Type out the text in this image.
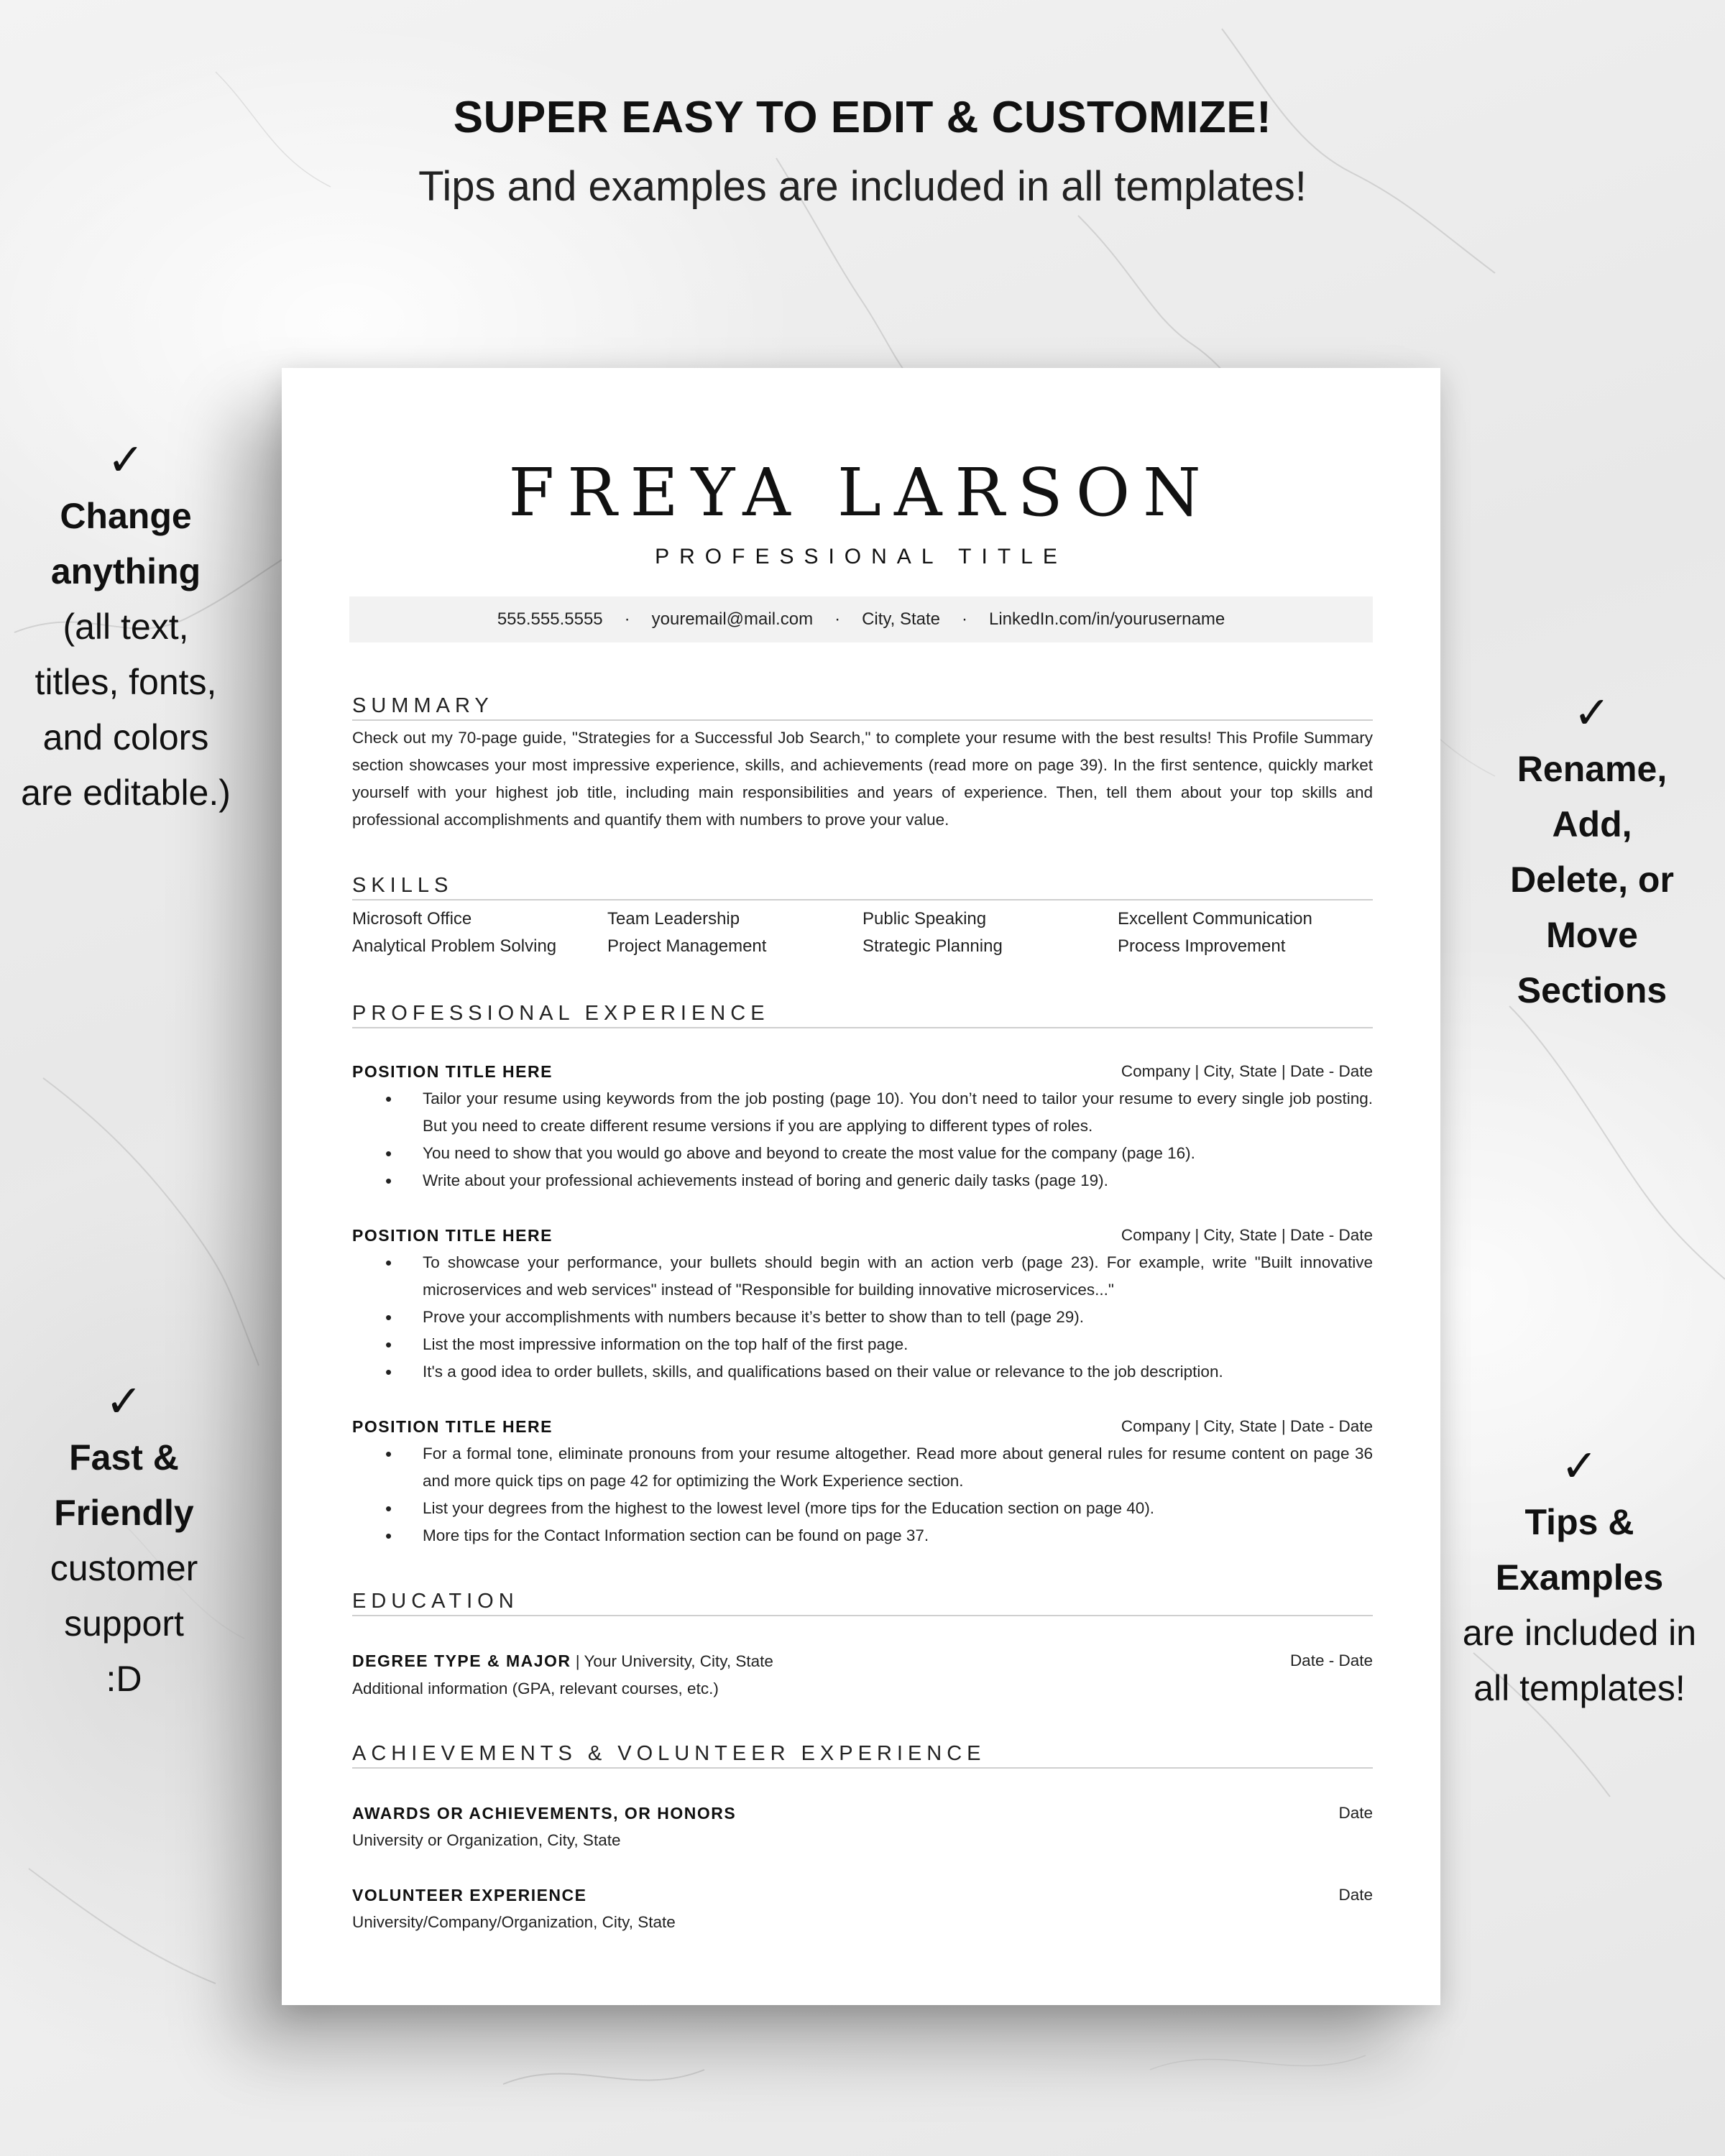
SUPER EASY TO EDIT & CUSTOMIZE!
Tips and examples are included in all templates!
✓
Change
anything
(all text,
titles, fonts,
and colors
are editable.)
✓
Rename,
Add,
Delete, or
Move
Sections
✓
Fast &
Friendly
customer
support
:D
✓
Tips &
Examples
are included in
all templates!
FREYA LARSON
PROFESSIONAL TITLE
555.555.5555 · youremail@mail.com · City, State · LinkedIn.com/in/yourusername
SUMMARY
Check out my 70-page guide, "Strategies for a Successful Job Search," to complete your resume with the best results! This Profile Summary section showcases your most impressive experience, skills, and achievements (read more on page 39). In the first sentence, quickly market yourself with your highest job title, including main responsibilities and years of experience. Then, tell them about your top skills and professional accomplishments and quantify them with numbers to prove your value.
SKILLS
Microsoft Office	Team Leadership	Public Speaking	Excellent Communication
Analytical Problem Solving	Project Management	Strategic Planning	Process Improvement
PROFESSIONAL EXPERIENCE
POSITION TITLE HERE	Company | City, State | Date - Date
• Tailor your resume using keywords from the job posting (page 10). You don’t need to tailor your resume to every single job posting. But you need to create different resume versions if you are applying to different types of roles.
• You need to show that you would go above and beyond to create the most value for the company (page 16).
• Write about your professional achievements instead of boring and generic daily tasks (page 19).
POSITION TITLE HERE	Company | City, State | Date - Date
• To showcase your performance, your bullets should begin with an action verb (page 23). For example, write "Built innovative microservices and web services" instead of "Responsible for building innovative microservices..."
• Prove your accomplishments with numbers because it’s better to show than to tell (page 29).
• List the most impressive information on the top half of the first page.
• It's a good idea to order bullets, skills, and qualifications based on their value or relevance to the job description.
POSITION TITLE HERE	Company | City, State | Date - Date
• For a formal tone, eliminate pronouns from your resume altogether. Read more about general rules for resume content on page 36 and more quick tips on page 42 for optimizing the Work Experience section.
• List your degrees from the highest to the lowest level (more tips for the Education section on page 40).
• More tips for the Contact Information section can be found on page 37.
EDUCATION
DEGREE TYPE & MAJOR | Your University, City, State	Date - Date
Additional information (GPA, relevant courses, etc.)
ACHIEVEMENTS & VOLUNTEER EXPERIENCE
AWARDS OR ACHIEVEMENTS, OR HONORS	Date
University or Organization, City, State
VOLUNTEER EXPERIENCE	Date
University/Company/Organization, City, State
